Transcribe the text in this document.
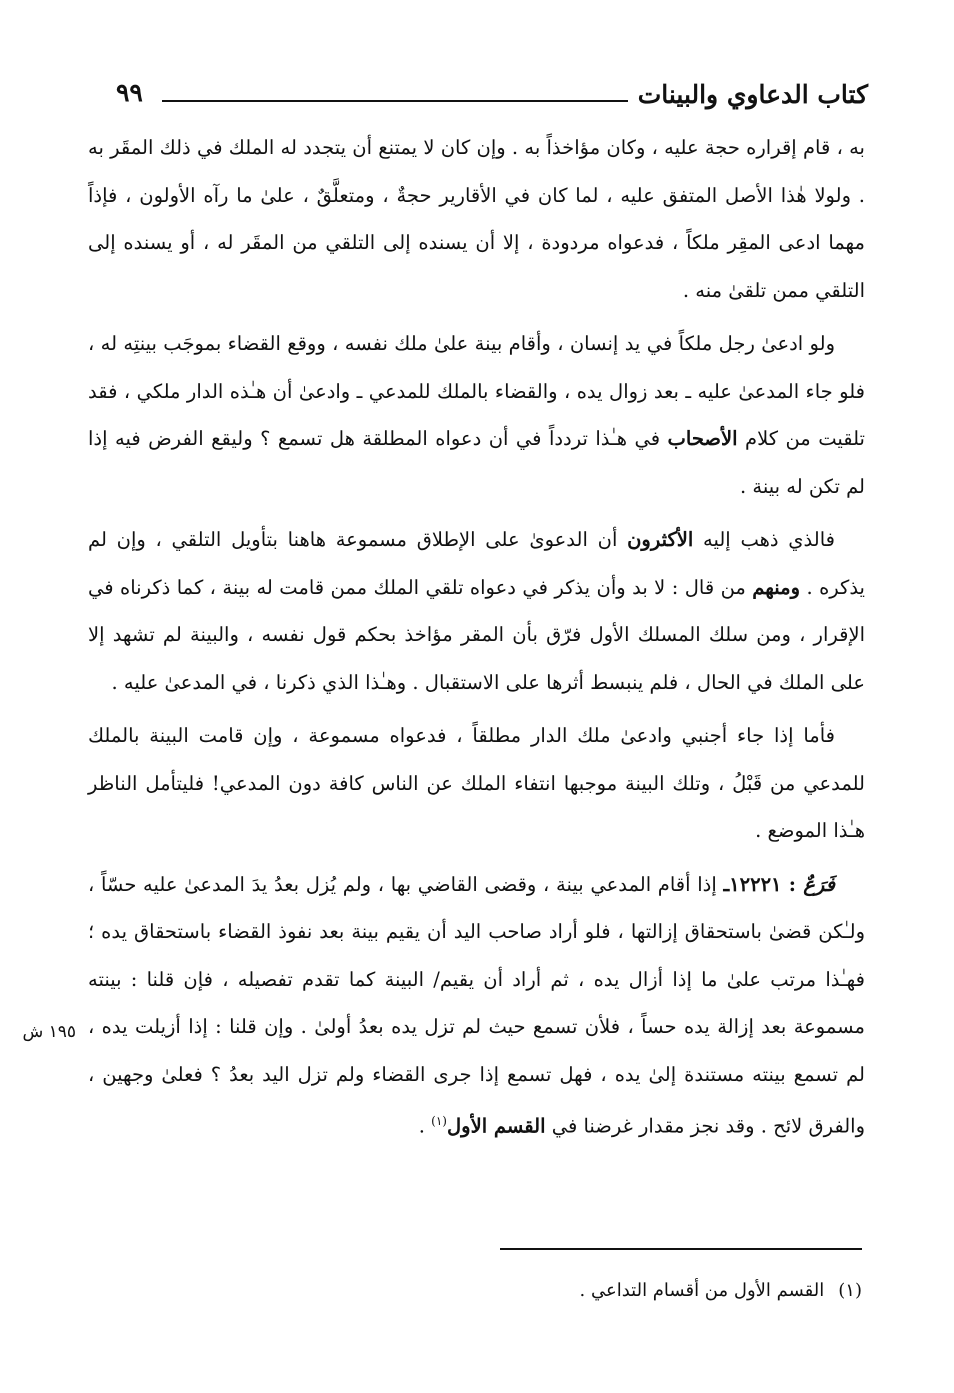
كتاب الدعاوي والبينات
٩٩
١٩٥ ش

به ، قام إقراره حجة عليه ، وكان مؤاخذاً به . وإن كان لا يمتنع أن يتجدد له الملك في ذلك المقَر به . ولولا هٰذا الأصل المتفق عليه ، لما كان في الأقارير حجةٌ ، ومتعلَّقٌ ، علىٰ ما رآه الأولون ، فإذاً مهما ادعى المقِر ملكاً ، فدعواه مردودة ، إلا أن يسنده إلى التلقي من المقَر له ، أو يسنده إلى التلقي ممن تلقىٰ منه .

ولو ادعىٰ رجل ملكاً في يد إنسان ، وأقام بينة علىٰ ملك نفسه ، ووقع القضاء بموجَب بينتِه له ، فلو جاء المدعىٰ عليه ـ بعد زوال يده ، والقضاء بالملك للمدعي ـ وادعىٰ أن هـٰذه الدار ملكي ، فقد تلقيت من كلام الأصحاب في هـٰذا تردداً في أن دعواه المطلقة هل تسمع ؟ وليقع الفرض فيه إذا لم تكن له بينة .

فالذي ذهب إليه الأكثرون أن الدعوىٰ على الإطلاق مسموعة هاهنا بتأويل التلقي ، وإن لم يذكره . ومنهم من قال : لا بد وأن يذكر في دعواه تلقي الملك ممن قامت له بينة ، كما ذكرناه في الإقرار ، ومن سلك المسلك الأول فرّق بأن المقر مؤاخذ بحكم قول نفسه ، والبينة لم تشهد إلا على الملك في الحال ، فلم ينبسط أثرها على الاستقبال . وهـٰذا الذي ذكرنا ، في المدعىٰ عليه .

فأما إذا جاء أجنبي وادعىٰ ملك الدار مطلقاً ، فدعواه مسموعة ، وإن قامت البينة بالملك للمدعي من قَبْلُ ، وتلك البينة موجبها انتفاء الملك عن الناس كافة دون المدعي! فليتأمل الناظر هـٰذا الموضع .

فَرَعٌ : ١٢٢٢١ـ إذا أقام المدعي بينة ، وقضى القاضي بها ، ولم يُزل بعدُ يدَ المدعىٰ عليه حسّاً ، ولـٰكن قضىٰ باستحقاق إزالتها ، فلو أراد صاحب اليد أن يقيم بينة بعد نفوذ القضاء باستحقاق يده ؛ فهـٰذا مرتب علىٰ ما إذا أزال يده ، ثم أراد أن يقيم/ البينة كما تقدم تفصيله ، فإن قلنا : بينته مسموعة بعد إزالة يده حساً ، فلأن تسمع حيث لم تزل يده بعدُ أولىٰ . وإن قلنا : إذا أزيلت يده ، لم تسمع بينته مستندة إلىٰ يده ، فهل تسمع إذا جرى القضاء ولم تزل اليد بعدُ ؟ فعلىٰ وجهين ، والفرق لائح . وقد نجز مقدار غرضنا في القسم الأول$^{(١)}$ .

(١)القسم الأول من أقسام التداعي .
